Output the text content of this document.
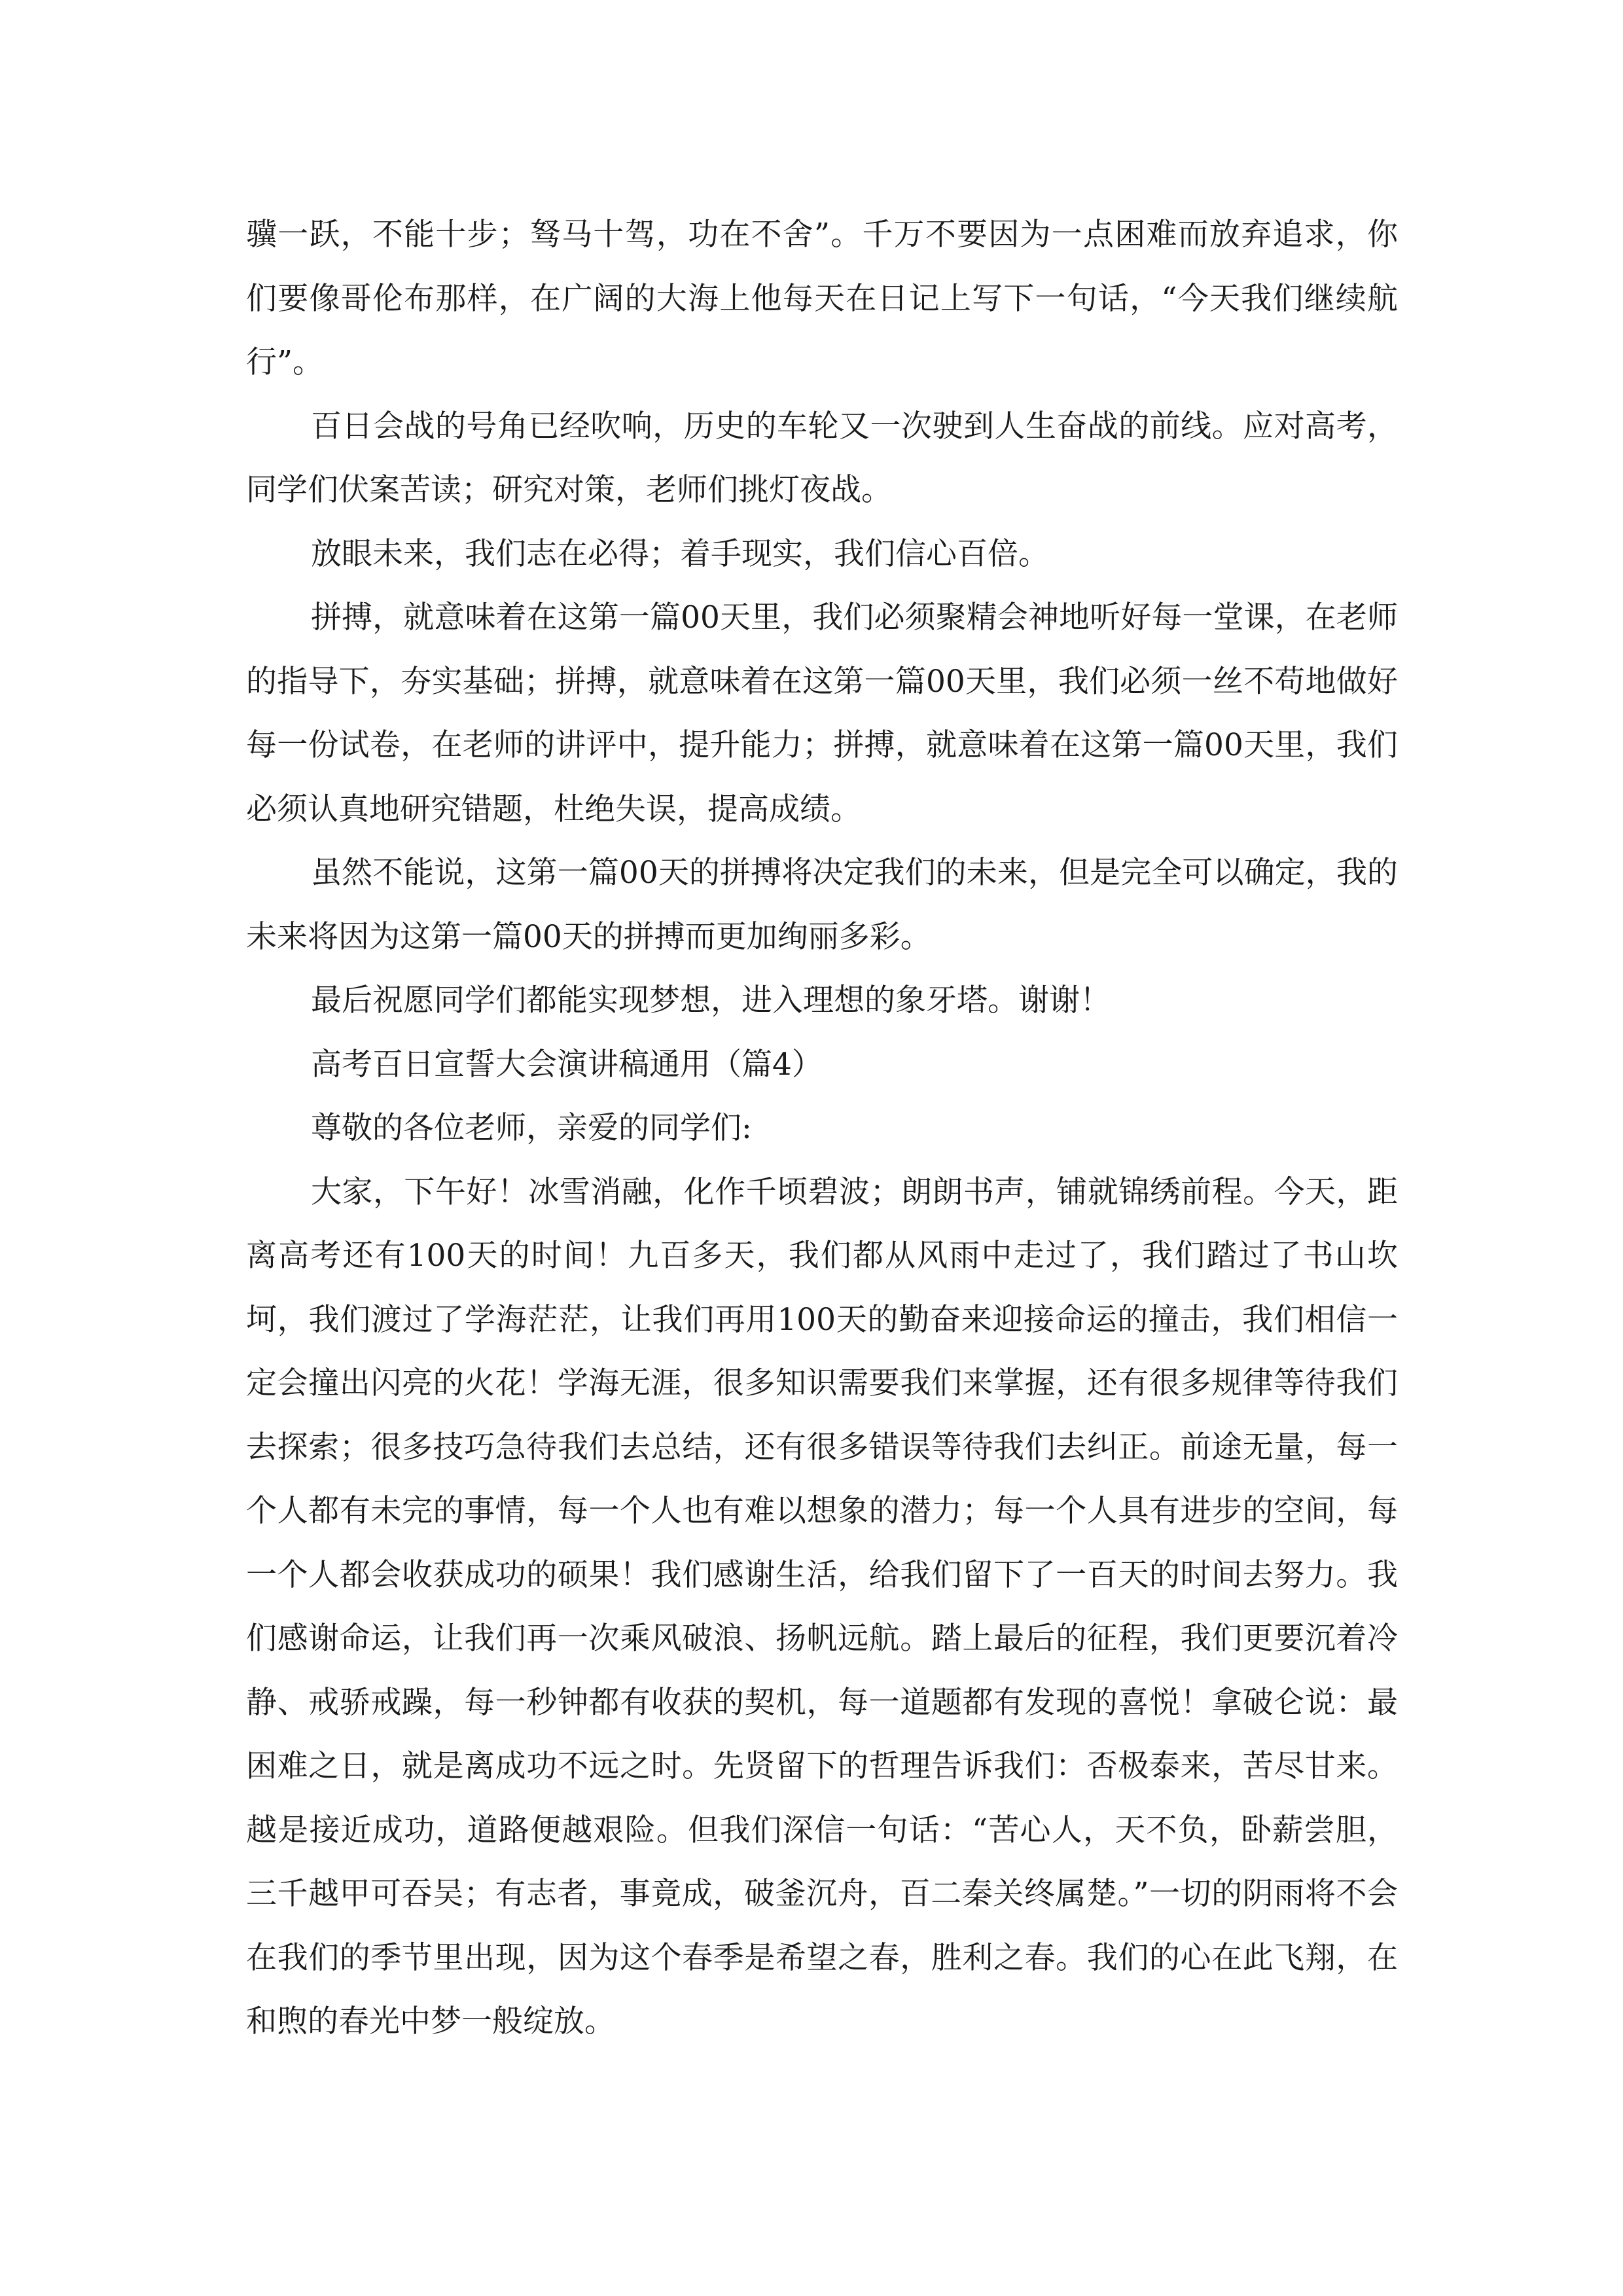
骥一跃，不能十步；驽马十驾，功在不舍”。千万不要因为一点困难而放弃追求，你们要像哥伦布那样，在广阔的大海上他每天在日记上写下一句话，“今天我们继续航行”。

百日会战的号角已经吹响，历史的车轮又一次驶到人生奋战的前线。应对高考，同学们伏案苦读；研究对策，老师们挑灯夜战。

放眼未来，我们志在必得；着手现实，我们信心百倍。

拼搏，就意味着在这第一篇00天里，我们必须聚精会神地听好每一堂课，在老师的指导下，夯实基础；拼搏，就意味着在这第一篇00天里，我们必须一丝不苟地做好每一份试卷，在老师的讲评中，提升能力；拼搏，就意味着在这第一篇00天里，我们必须认真地研究错题，杜绝失误，提高成绩。

虽然不能说，这第一篇00天的拼搏将决定我们的未来，但是完全可以确定，我的未来将因为这第一篇00天的拼搏而更加绚丽多彩。

最后祝愿同学们都能实现梦想，进入理想的象牙塔。谢谢！

高考百日宣誓大会演讲稿通用（篇4）

尊敬的各位老师，亲爱的同学们:

大家，下午好！冰雪消融，化作千顷碧波；朗朗书声，铺就锦绣前程。今天，距离高考还有100天的时间！九百多天，我们都从风雨中走过了，我们踏过了书山坎坷，我们渡过了学海茫茫，让我们再用100天的勤奋来迎接命运的撞击，我们相信一定会撞出闪亮的火花！学海无涯，很多知识需要我们来掌握，还有很多规律等待我们去探索；很多技巧急待我们去总结，还有很多错误等待我们去纠正。前途无量，每一个人都有未完的事情，每一个人也有难以想象的潜力；每一个人具有进步的空间，每一个人都会收获成功的硕果！我们感谢生活，给我们留下了一百天的时间去努力。我们感谢命运，让我们再一次乘风破浪、扬帆远航。踏上最后的征程，我们更要沉着冷静、戒骄戒躁，每一秒钟都有收获的契机，每一道题都有发现的喜悦！拿破仑说：最困难之日，就是离成功不远之时。先贤留下的哲理告诉我们：否极泰来，苦尽甘来。越是接近成功，道路便越艰险。但我们深信一句话：“苦心人，天不负，卧薪尝胆，三千越甲可吞吴；有志者，事竟成，破釜沉舟，百二秦关终属楚。”一切的阴雨将不会在我们的季节里出现，因为这个春季是希望之春，胜利之春。我们的心在此飞翔，在和煦的春光中梦一般绽放。
